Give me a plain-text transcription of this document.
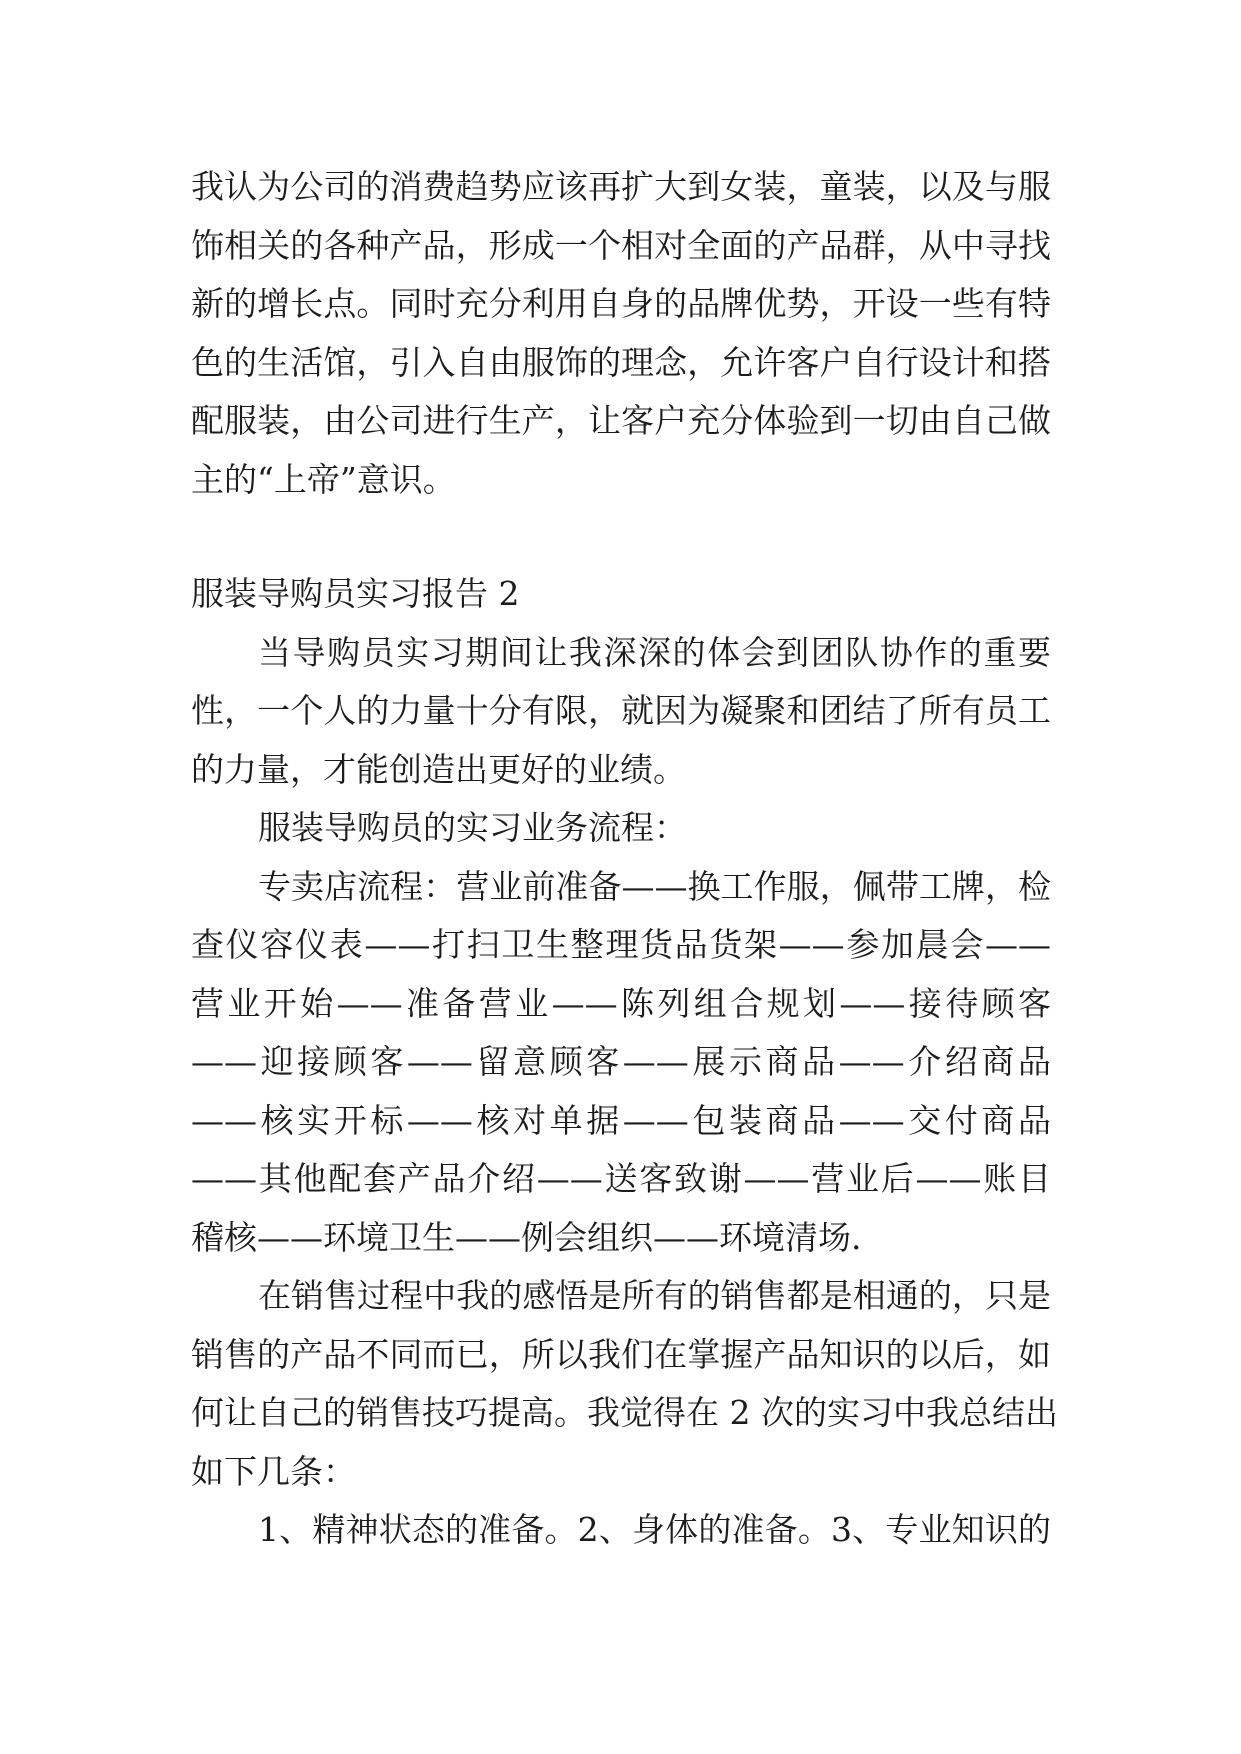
我认为公司的消费趋势应该再扩大到女装，童装，以及与服
饰相关的各种产品，形成一个相对全面的产品群，从中寻找
新的增长点。同时充分利用自身的品牌优势，开设一些有特
色的生活馆，引入自由服饰的理念，允许客户自行设计和搭
配服装，由公司进行生产，让客户充分体验到一切由自己做
主的“上帝”意识。
服装导购员实习报告 2
当导购员实习期间让我深深的体会到团队协作的重要
性，一个人的力量十分有限，就因为凝聚和团结了所有员工
的力量，才能创造出更好的业绩。
服装导购员的实习业务流程：
专卖店流程：营业前准备——换工作服，佩带工牌，检
查仪容仪表——打扫卫生整理货品货架——参加晨会——
营业开始——准备营业——陈列组合规划——接待顾客
——迎接顾客——留意顾客——展示商品——介绍商品
——核实开标——核对单据——包装商品——交付商品
——其他配套产品介绍——送客致谢——营业后——账目
稽核——环境卫生——例会组织——环境清场.
在销售过程中我的感悟是所有的销售都是相通的，只是
销售的产品不同而已，所以我们在掌握产品知识的以后，如
何让自己的销售技巧提高。我觉得在 2 次的实习中我总结出
如下几条：
1、精神状态的准备。2、身体的准备。3、专业知识的
